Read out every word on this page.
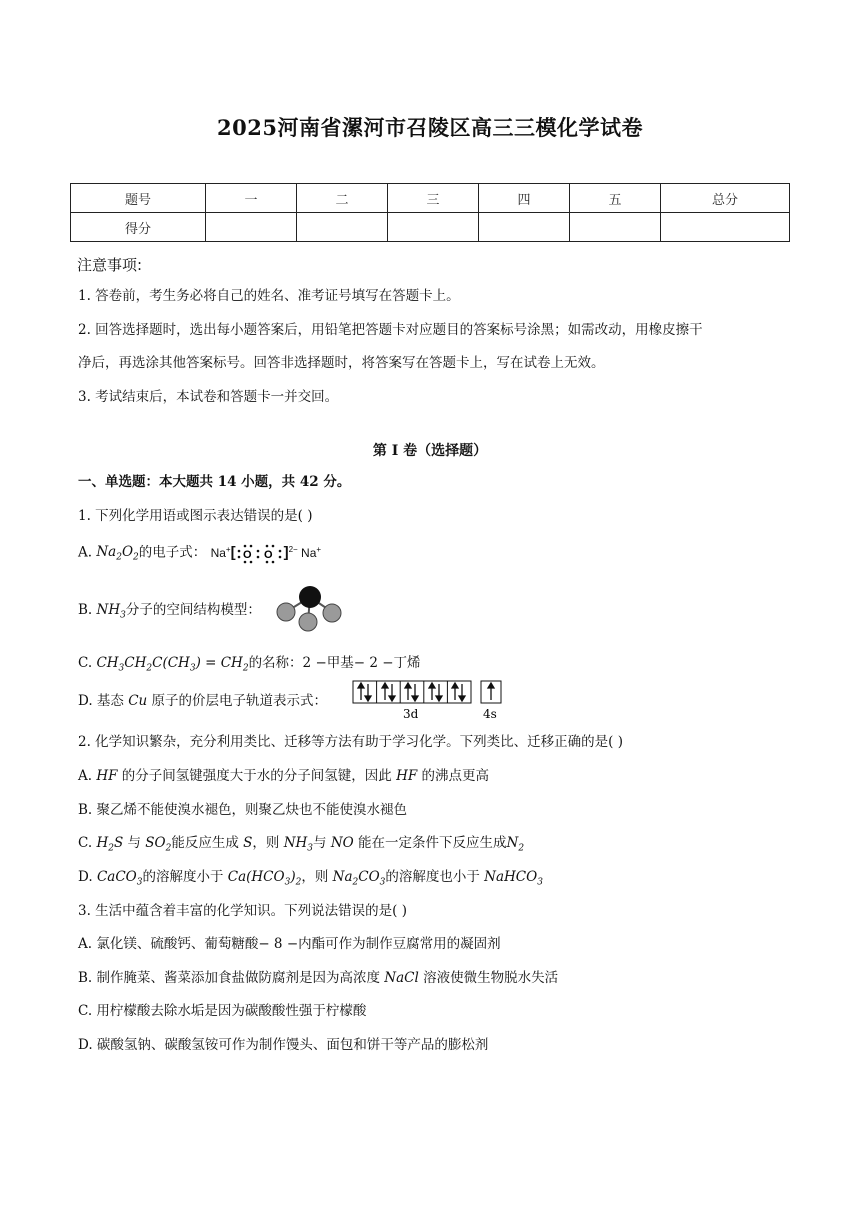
2025河南省漯河市召陵区高三三模化学试卷
题号	一	二	三	四	五	总分
得分						
注意事项:
1. 答卷前，考生务必将自己的姓名、准考证号填写在答题卡上。
2. 回答选择题时，选出每小题答案后，用铅笔把答题卡对应题目的答案标号涂黑；如需改动，用橡皮擦干
净后，再选涂其他答案标号。回答非选择题时，将答案写在答题卡上，写在试卷上无效。
3. 考试结束后，本试卷和答题卡一并交回。
第 I 卷（选择题）
一、单选题：本大题共 14 小题，共 42 分。
1. 下列化学用语或图示表达错误的是( )
A. $Na_2O_2$的电子式： Na+[ O O ]$^{2-}$ Na+
B. $NH_3$分子的空间结构模型：
C. $CH_3CH_2C(CH_3) = CH_2$的名称：2 −甲基− 2 −丁烯
D. 基态 Cu 原子的价层电子轨道表示式：
3d	4s
2. 化学知识繁杂，充分利用类比、迁移等方法有助于学习化学。下列类比、迁移正确的是( )
A. HF 的分子间氢键强度大于水的分子间氢键，因此 HF 的沸点更高
B. 聚乙烯不能使溴水褪色，则聚乙炔也不能使溴水褪色
C. $H_2S$ 与 $SO_2$能反应生成 S，则 $NH_3$与 NO 能在一定条件下反应生成$N_2$
D. CaCO$_3$的溶解度小于 $Ca(HCO_3)_2$，则 $Na_2CO_3$的溶解度也小于 NaHCO$_3$
3. 生活中蕴含着丰富的化学知识。下列说法错误的是( )
A. 氯化镁、硫酸钙、葡萄糖酸− 8 −内酯可作为制作豆腐常用的凝固剂
B. 制作腌菜、酱菜添加食盐做防腐剂是因为高浓度 NaCl 溶液使微生物脱水失活
C. 用柠檬酸去除水垢是因为碳酸酸性强于柠檬酸
D. 碳酸氢钠、碳酸氢铵可作为制作馒头、面包和饼干等产品的膨松剂
